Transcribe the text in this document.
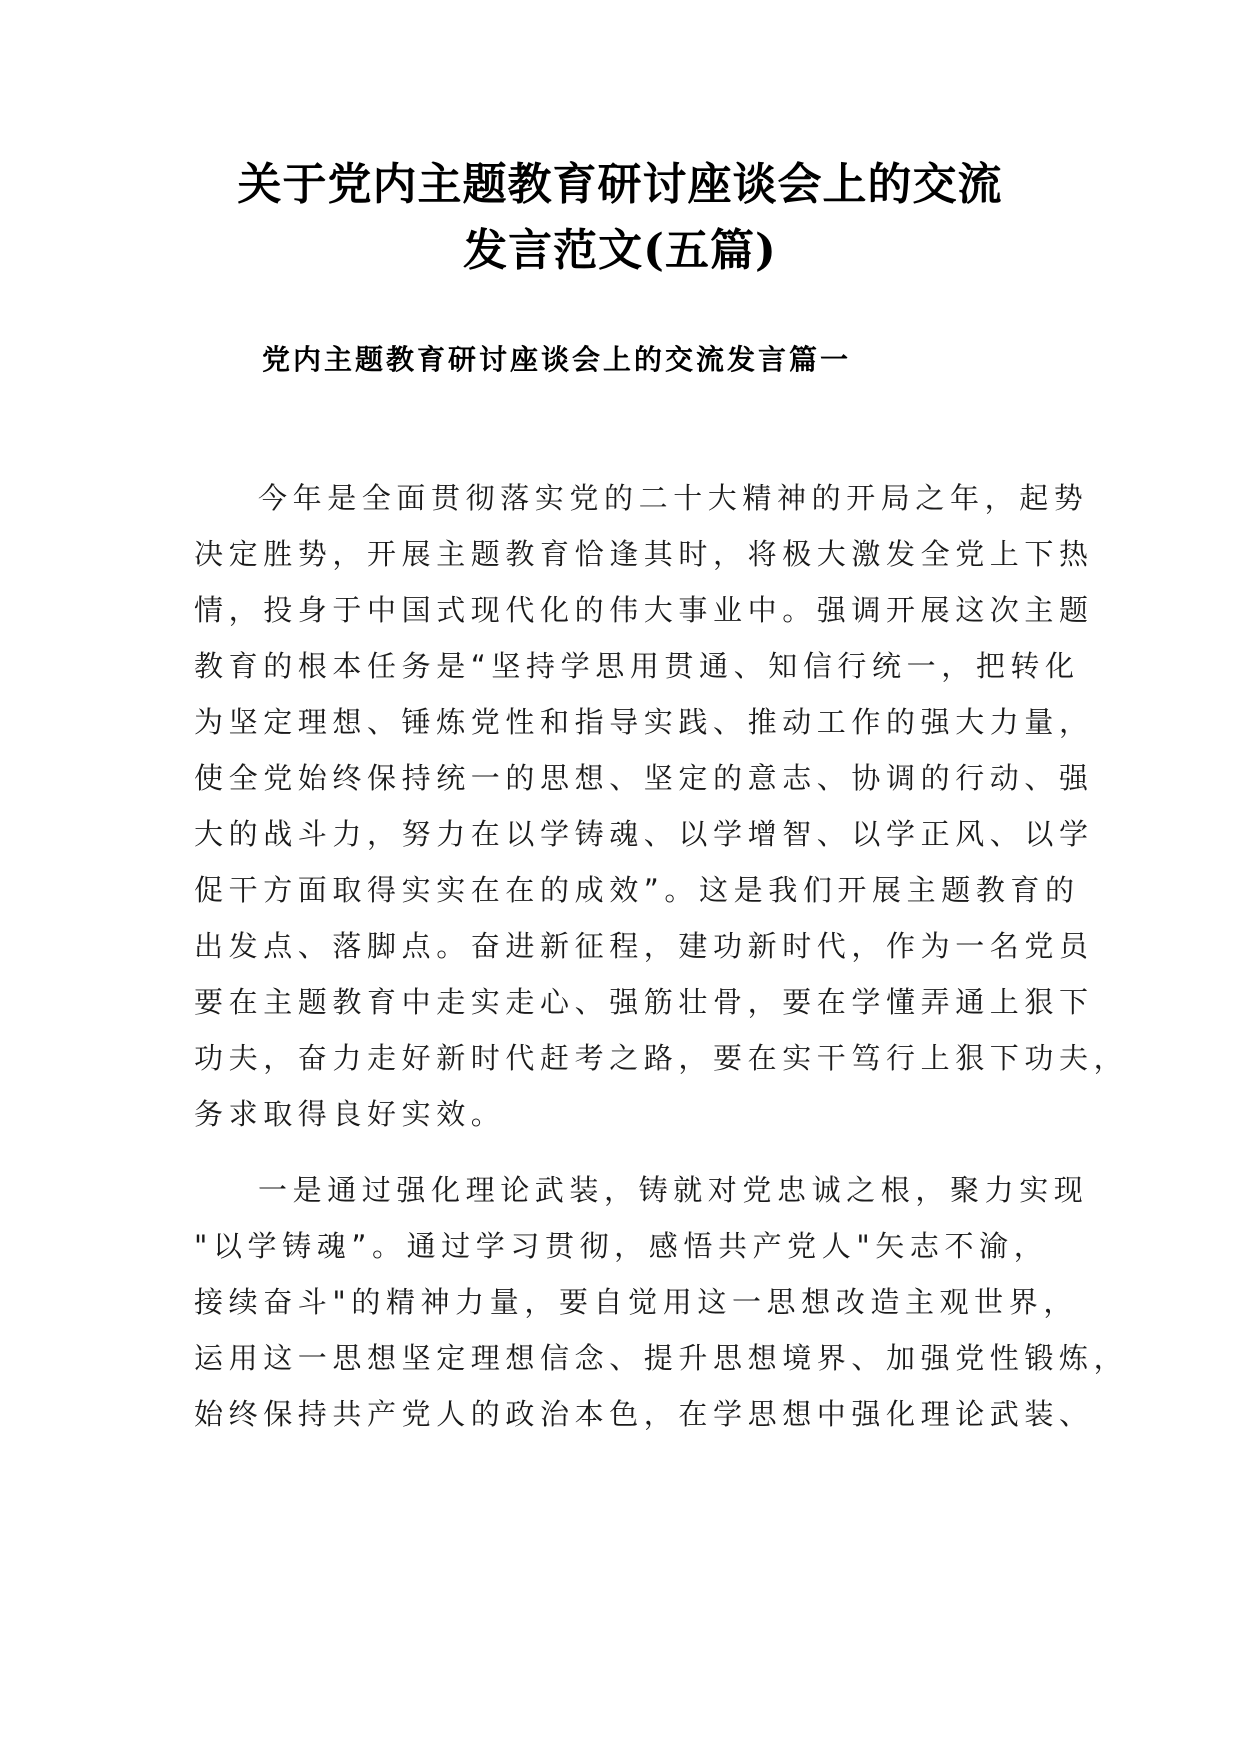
关于党内主题教育研讨座谈会上的交流
发言范文(五篇)
党内主题教育研讨座谈会上的交流发言篇一
今年是全面贯彻落实党的二十大精神的开局之年，起势
决定胜势，开展主题教育恰逢其时，将极大激发全党上下热
情，投身于中国式现代化的伟大事业中。强调开展这次主题
教育的根本任务是“坚持学思用贯通、知信行统一，把转化
为坚定理想、锤炼党性和指导实践、推动工作的强大力量，
使全党始终保持统一的思想、坚定的意志、协调的行动、强
大的战斗力，努力在以学铸魂、以学增智、以学正风、以学
促干方面取得实实在在的成效”。这是我们开展主题教育的
出发点、落脚点。奋进新征程，建功新时代，作为一名党员
要在主题教育中走实走心、强筋壮骨，要在学懂弄通上狠下
功夫，奋力走好新时代赶考之路，要在实干笃行上狠下功夫，
务求取得良好实效。
一是通过强化理论武装，铸就对党忠诚之根，聚力实现
"以学铸魂”。通过学习贯彻，感悟共产党人"矢志不渝，
接续奋斗"的精神力量，要自觉用这一思想改造主观世界，
运用这一思想坚定理想信念、提升思想境界、加强党性锻炼，
始终保持共产党人的政治本色，在学思想中强化理论武装、
